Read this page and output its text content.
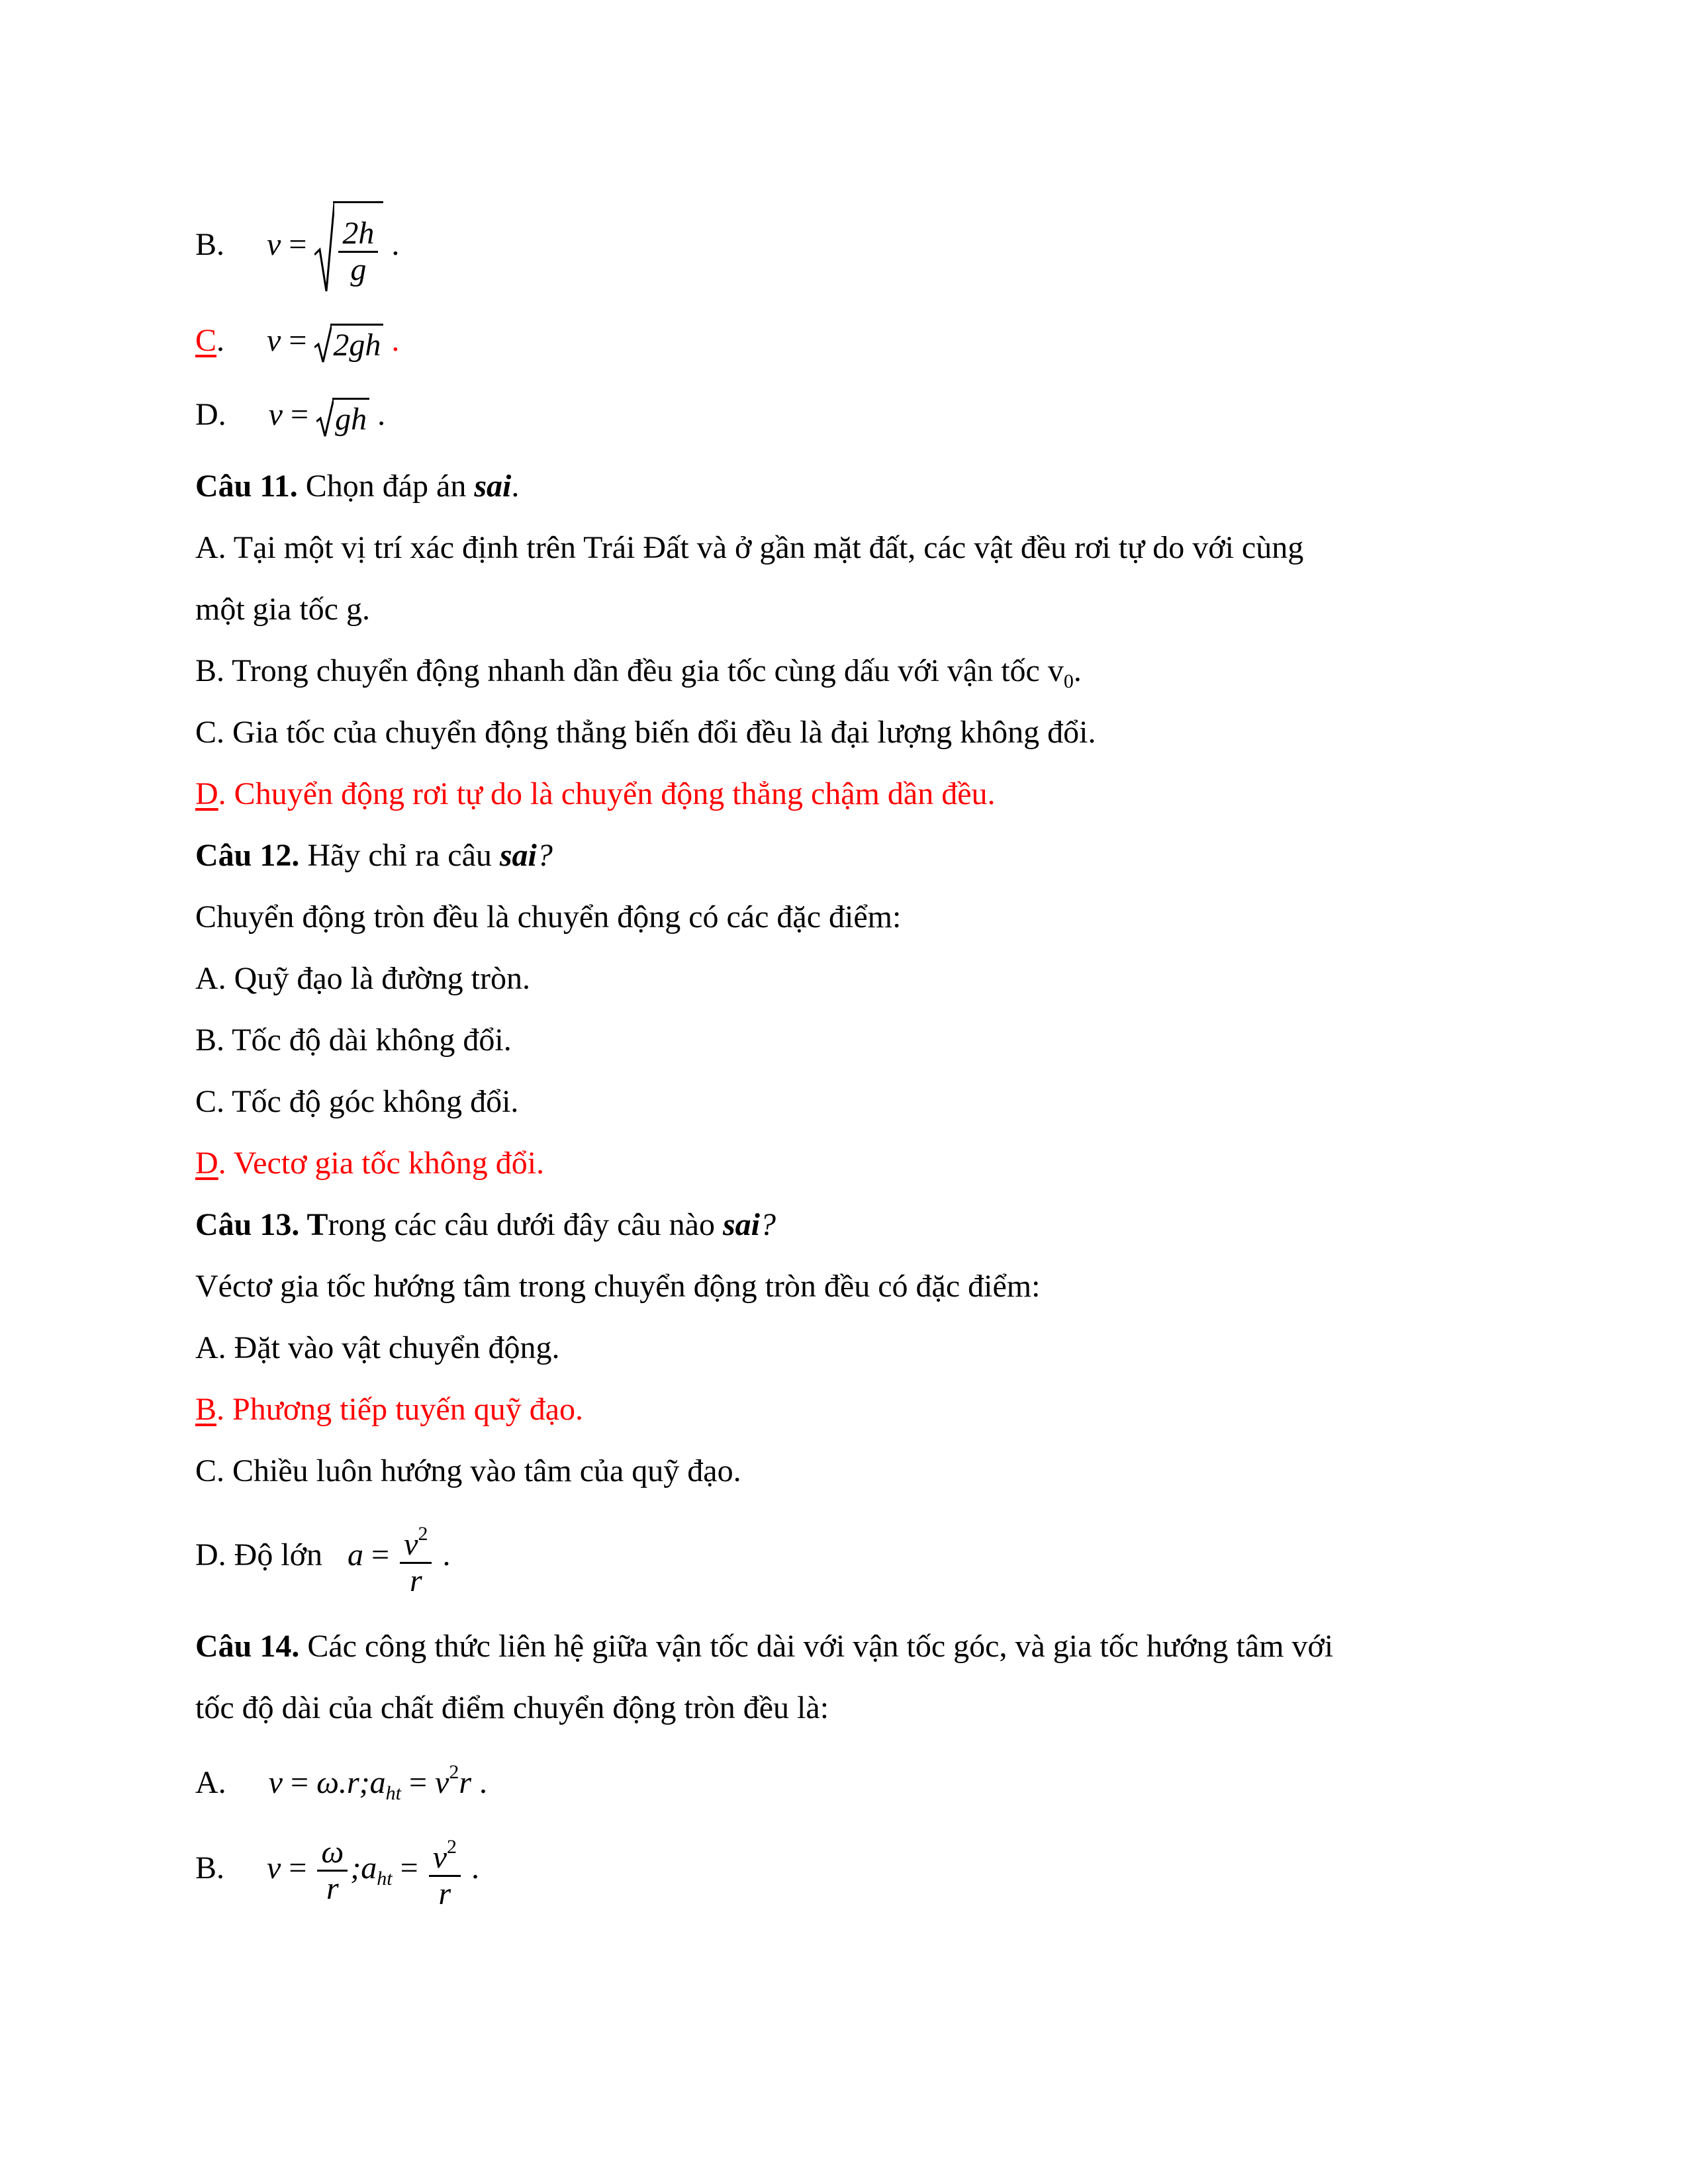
B. $v = \frac{2h}{g}$ .
C. v = 2gh .
D. v = gh .
Câu 11. Chọn đáp án sai.
A. Tại một vị trí xác định trên Trái Đất và ở gần mặt đất, các vật đều rơi tự do với cùng
một gia tốc g.
B. Trong chuyển động nhanh dần đều gia tốc cùng dấu với vận tốc $v_0$.
C. Gia tốc của chuyển động thẳng biến đổi đều là đại lượng không đổi.
D. Chuyển động rơi tự do là chuyển động thẳng chậm dần đều.
Câu 12. Hãy chỉ ra câu sai?
Chuyển động tròn đều là chuyển động có các đặc điểm:
A. Quỹ đạo là đường tròn.
B. Tốc độ dài không đổi.
C. Tốc độ góc không đổi.
D. Vectơ gia tốc không đổi.
Câu 13. Trong các câu dưới đây câu nào sai?
Véctơ gia tốc hướng tâm trong chuyển động tròn đều có đặc điểm:
A. Đặt vào vật chuyển động.
B. Phương tiếp tuyến quỹ đạo.
C. Chiều luôn hướng vào tâm của quỹ đạo.
D. Độ lớn  $a = \frac{v^2}{r}$ .
Câu 14. Các công thức liên hệ giữa vận tốc dài với vận tốc góc, và gia tốc hướng tâm với
tốc độ dài của chất điểm chuyển động tròn đều là:
A. $v = \omega.r;a_{ht} = v^2r$ .
B. $v = \frac{\omega}{r}$ $;a_{ht} = \frac{v^2}{r}$ .
